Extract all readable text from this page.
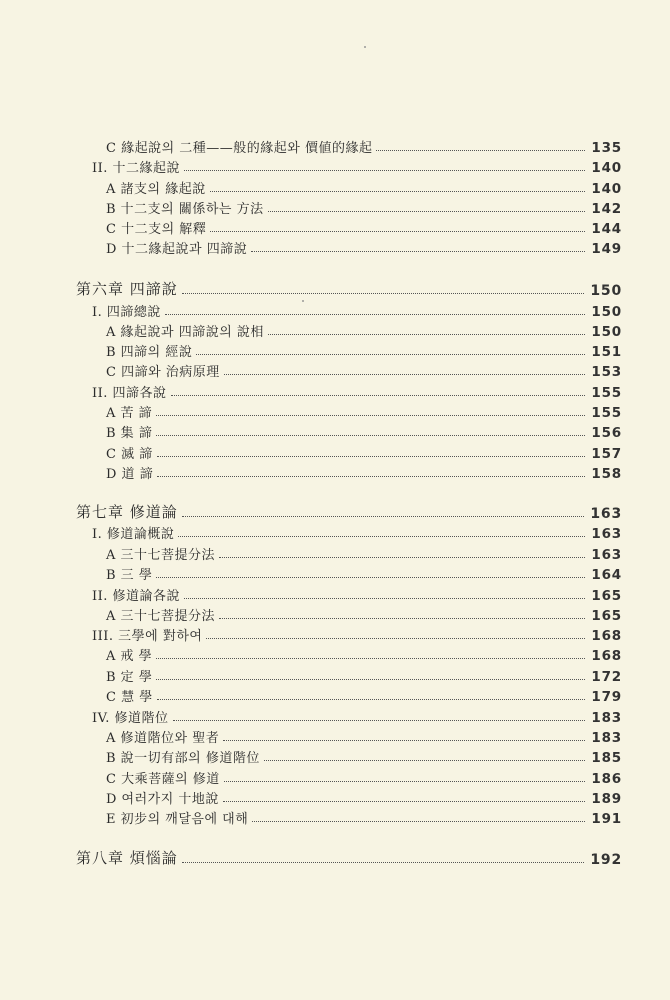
C 緣起說의 二種——般的緣起와 價値的緣起	135
II. 十二緣起說	140
A 諸支의 緣起說	140
B 十二支의 關係하는 方法	142
C 十二支의 解釋	144
D 十二緣起說과 四諦說	149
第六章 四諦說	150
I. 四諦總說	150
A 緣起說과 四諦說의 說相	150
B 四諦의 經說	151
C 四諦와 治病原理	153
II. 四諦各說	155
A 苦 諦	155
B 集 諦	156
C 滅 諦	157
D 道 諦	158
第七章 修道論	163
I. 修道論概說	163
A 三十七菩提分法	163
B 三 學	164
II. 修道論各說	165
A 三十七菩提分法	165
III. 三學에 對하여	168
A 戒 學	168
B 定 學	172
C 慧 學	179
IV. 修道階位	183
A 修道階位와 聖者	183
B 說一切有部의 修道階位	185
C 大乘菩薩의 修道	186
D 여러가지 十地說	189
E 初步의 깨달음에 대해	191
第八章 煩惱論	192
